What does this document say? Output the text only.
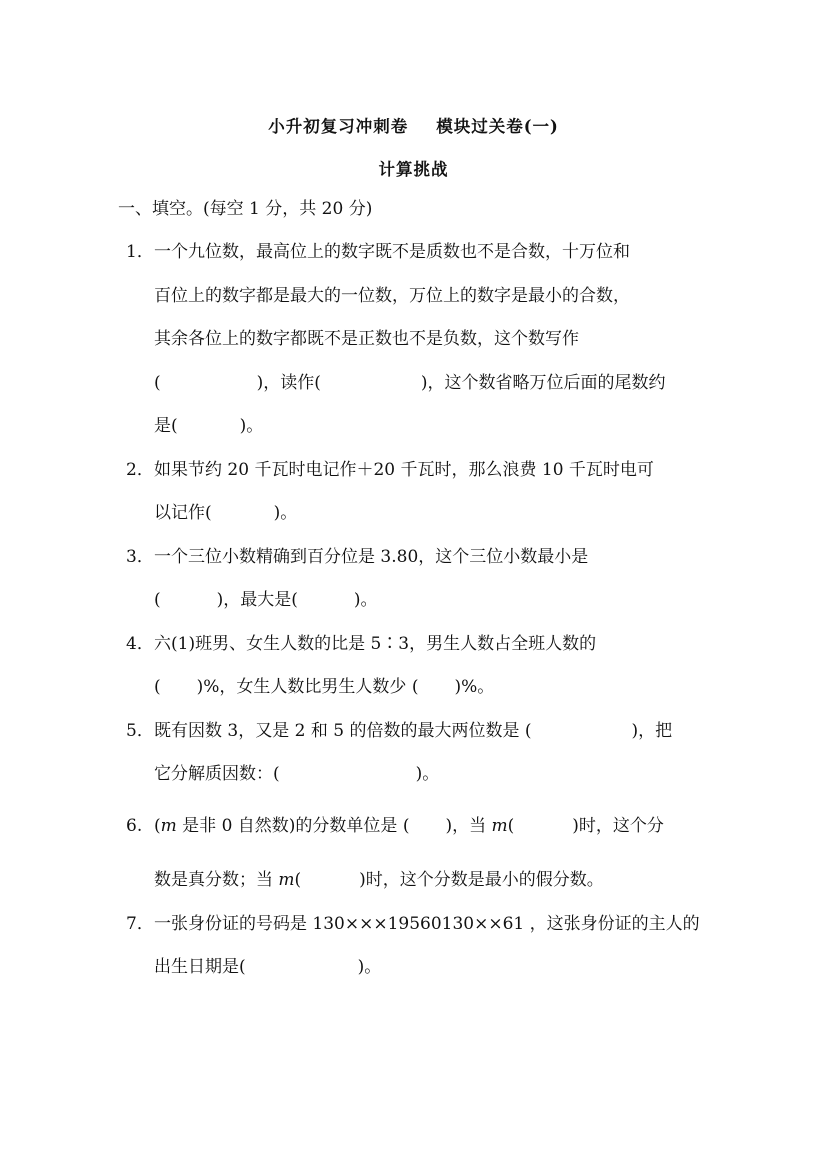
小升初复习冲刺卷 模块过关卷(一)
计算挑战
一、填空。(每空 1 分，共 20 分)
1．一个九位数，最高位上的数字既不是质数也不是合数，十万位和
百位上的数字都是最大的一位数，万位上的数字是最小的合数，
其余各位上的数字都既不是正数也不是负数，这个数写作
(	)，读作(	)，这个数省略万位后面的尾数约
是(	)。
2．如果节约 20 千瓦时电记作＋20 千瓦时，那么浪费 10 千瓦时电可
以记作(	)。
3．一个三位小数精确到百分位是 3.80，这个三位小数最小是
(	)，最大是(	)。
4．六(1)班男、女生人数的比是 5∶3，男生人数占全班人数的
( )%，女生人数比男生人数少 ( )%。
5．既有因数 3，又是 2 和 5 的倍数的最大两位数是 (	)，把
它分解质因数：(	)。
6. (m 是非 0 自然数)的分数单位是 ( )，当 m(	)时，这个分
数是真分数；当 m(	)时，这个分数是最小的假分数。
7．一张身份证的号码是 130×××19560130××61 ，这张身份证的主人的
出生日期是(	)。
